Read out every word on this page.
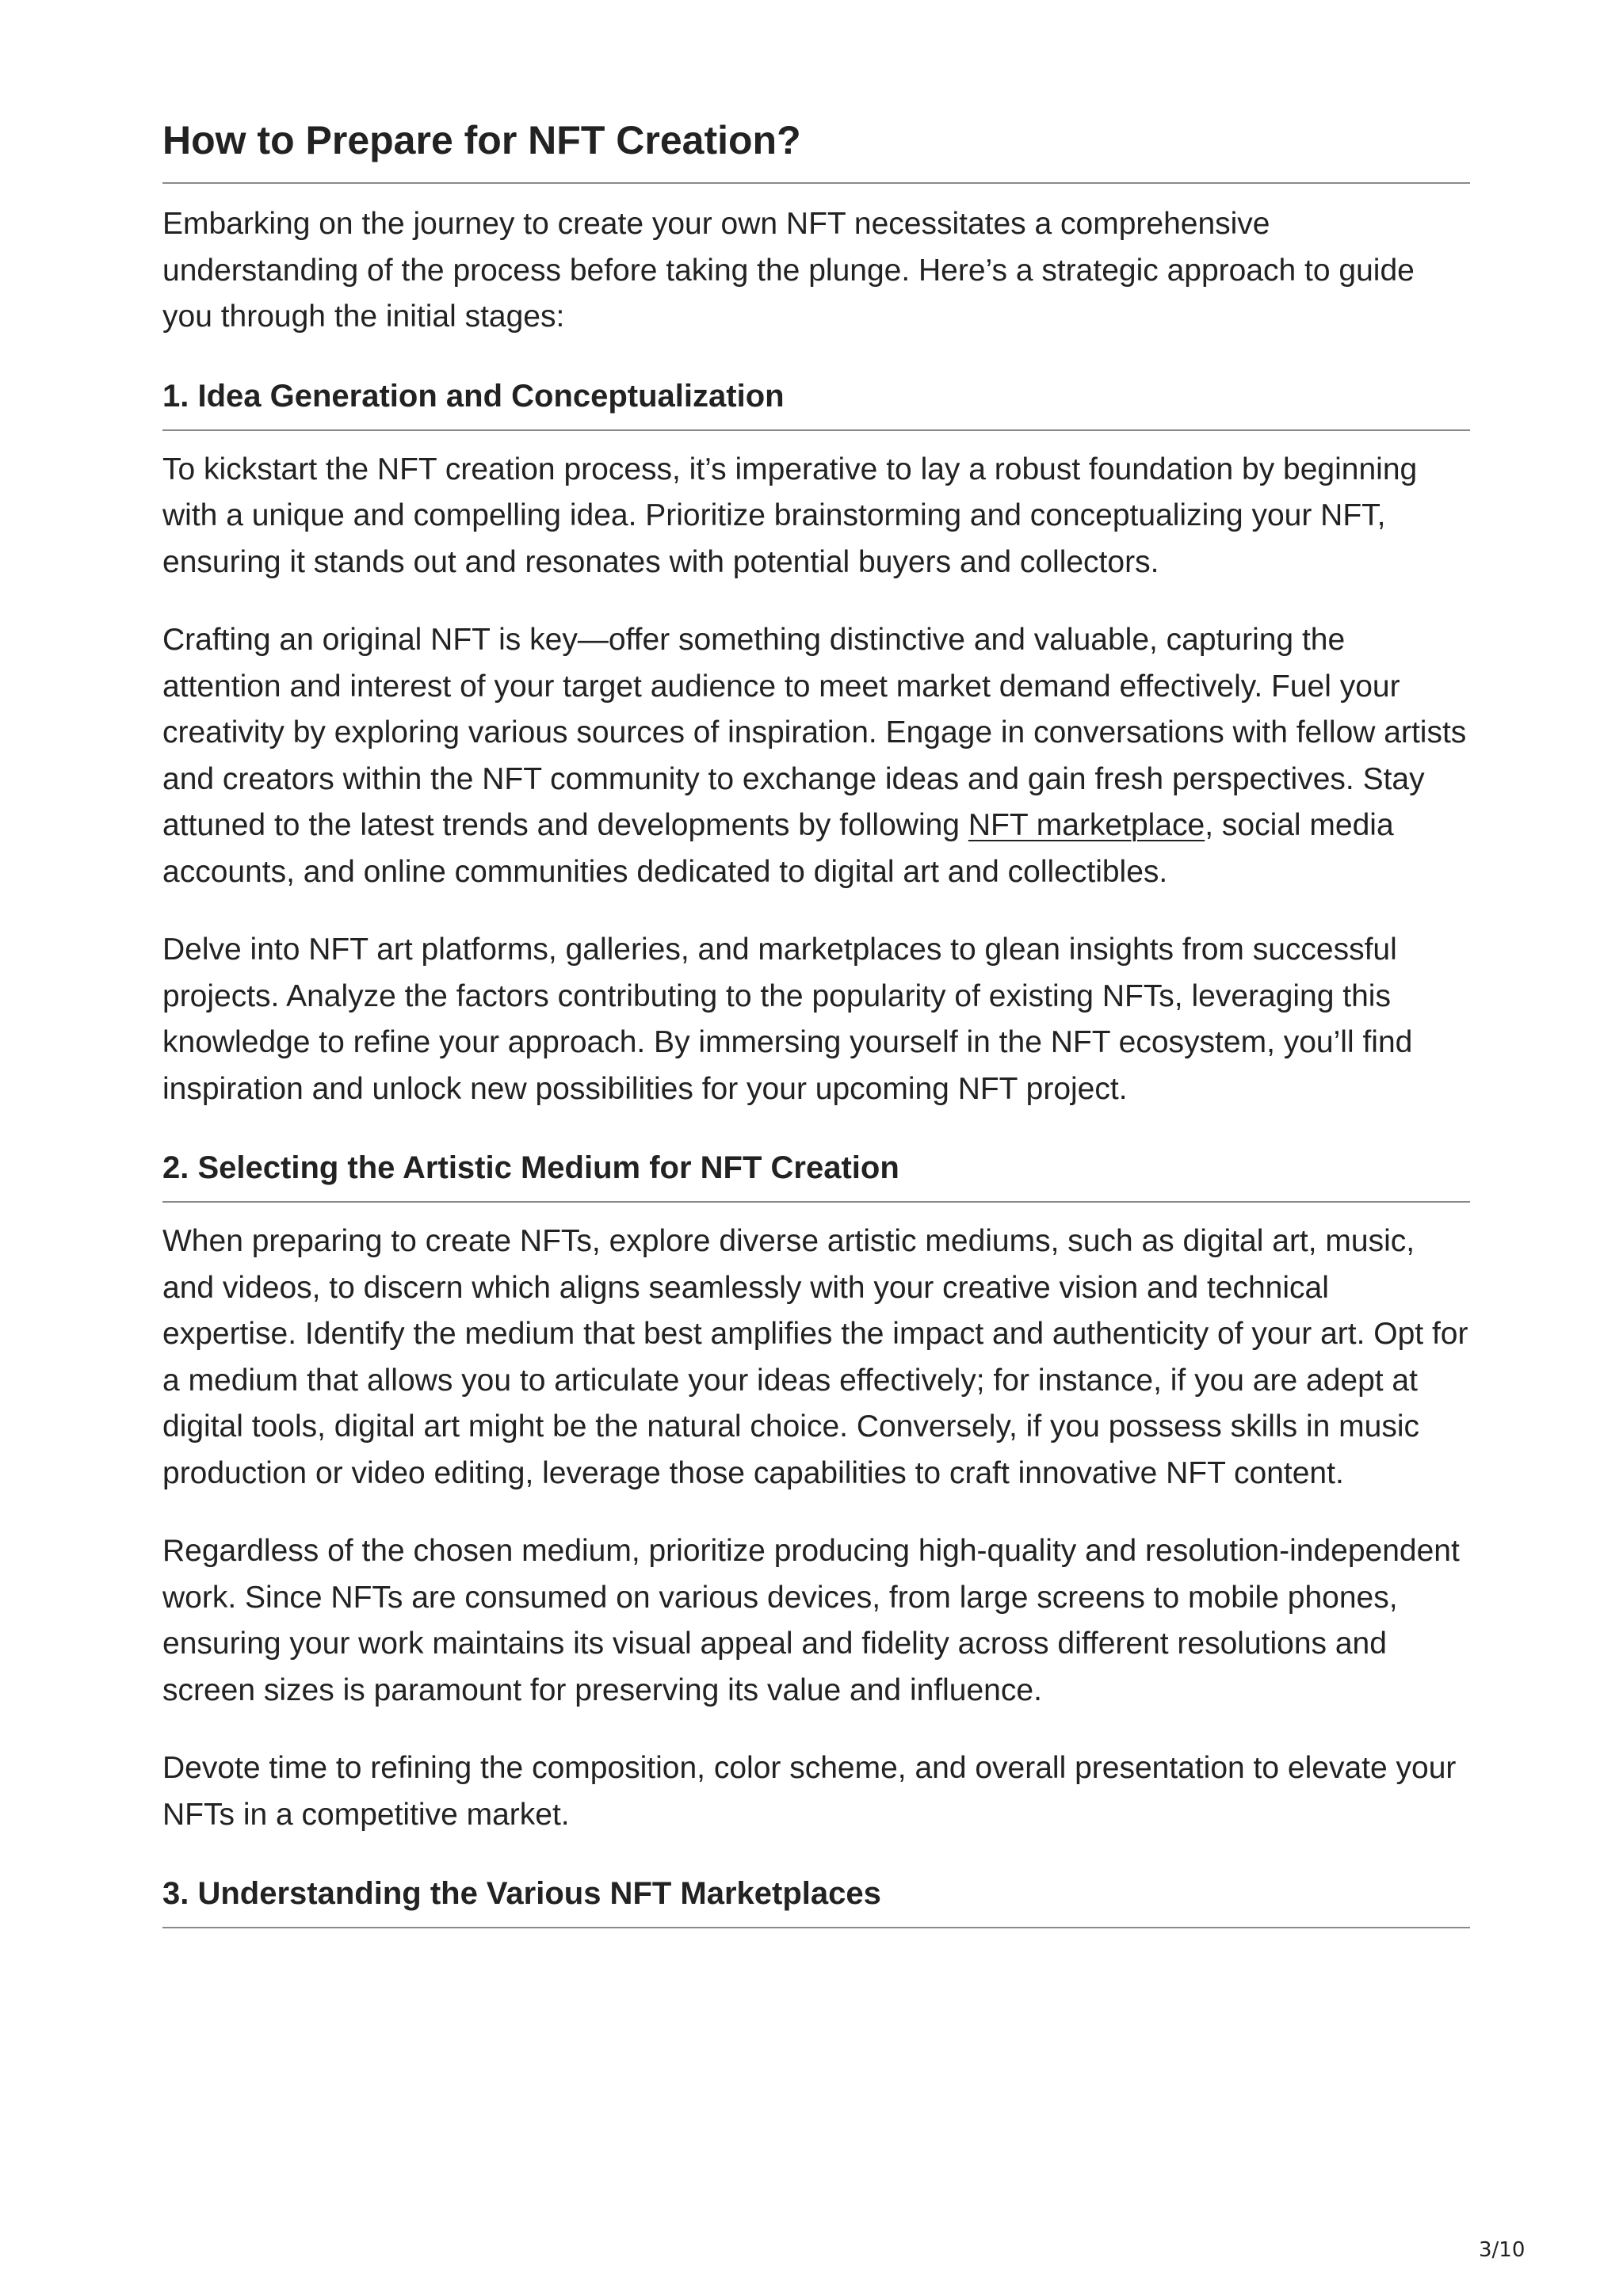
How to Prepare for NFT Creation?

Embarking on the journey to create your own NFT necessitates a comprehensive understanding of the process before taking the plunge. Here’s a strategic approach to guide you through the initial stages:

1. Idea Generation and Conceptualization

To kickstart the NFT creation process, it’s imperative to lay a robust foundation by beginning with a unique and compelling idea. Prioritize brainstorming and conceptualizing your NFT, ensuring it stands out and resonates with potential buyers and collectors.

Crafting an original NFT is key—offer something distinctive and valuable, capturing the attention and interest of your target audience to meet market demand effectively. Fuel your creativity by exploring various sources of inspiration. Engage in conversations with fellow artists and creators within the NFT community to exchange ideas and gain fresh perspectives. Stay attuned to the latest trends and developments by following NFT marketplace, social media accounts, and online communities dedicated to digital art and collectibles.

Delve into NFT art platforms, galleries, and marketplaces to glean insights from successful projects. Analyze the factors contributing to the popularity of existing NFTs, leveraging this knowledge to refine your approach. By immersing yourself in the NFT ecosystem, you’ll find inspiration and unlock new possibilities for your upcoming NFT project.

2. Selecting the Artistic Medium for NFT Creation

When preparing to create NFTs, explore diverse artistic mediums, such as digital art, music, and videos, to discern which aligns seamlessly with your creative vision and technical expertise. Identify the medium that best amplifies the impact and authenticity of your art. Opt for a medium that allows you to articulate your ideas effectively; for instance, if you are adept at digital tools, digital art might be the natural choice. Conversely, if you possess skills in music production or video editing, leverage those capabilities to craft innovative NFT content.

Regardless of the chosen medium, prioritize producing high-quality and resolution-independent work. Since NFTs are consumed on various devices, from large screens to mobile phones, ensuring your work maintains its visual appeal and fidelity across different resolutions and screen sizes is paramount for preserving its value and influence.

Devote time to refining the composition, color scheme, and overall presentation to elevate your NFTs in a competitive market.

3. Understanding the Various NFT Marketplaces
3/10
